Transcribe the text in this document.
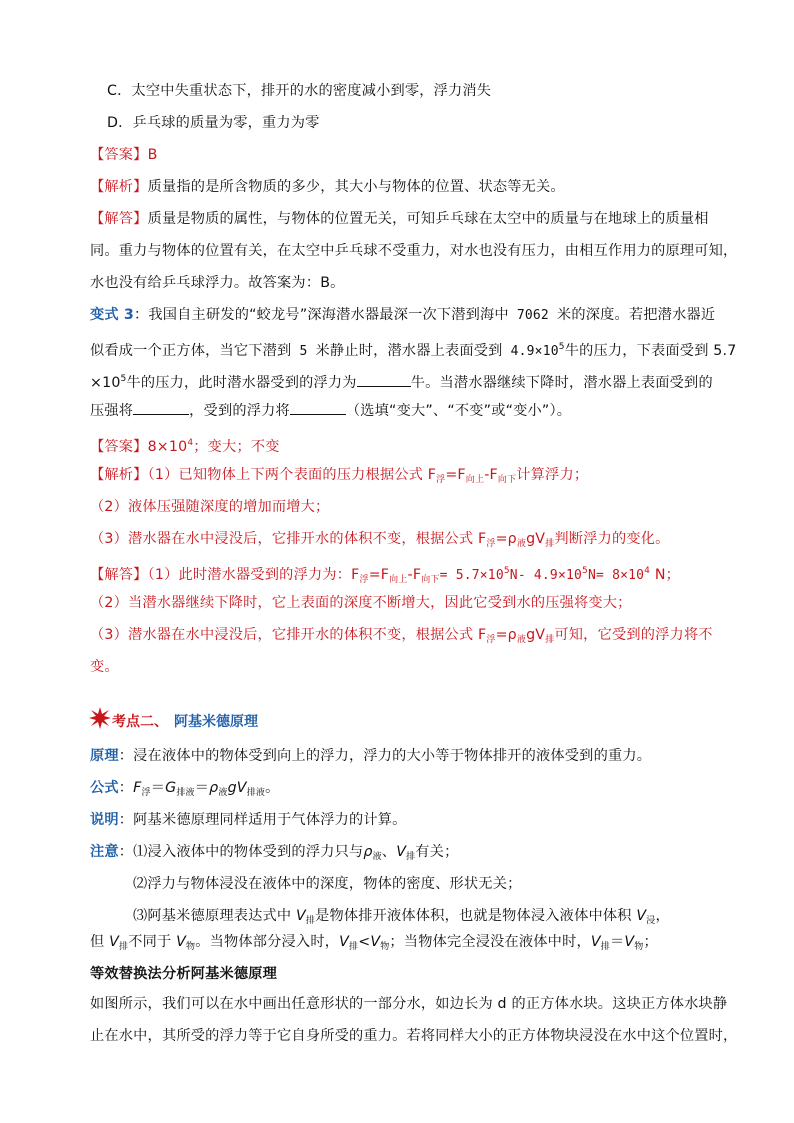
C．太空中失重状态下，排开的水的密度减小到零，浮力消失
D．乒乓球的质量为零，重力为零
【答案】B
【解析】质量指的是所含物质的多少，其大小与物体的位置、状态等无关。
【解答】质量是物质的属性，与物体的位置无关，可知乒乓球在太空中的质量与在地球上的质量相
同。重力与物体的位置有关，在太空中乒乓球不受重力，对水也没有压力，由相互作用力的原理可知，
水也没有给乒乓球浮力。故答案为：B。
变式 3：我国自主研发的“蛟龙号”深海潜水器最深一次下潜到海中 7062 米的深度。若把潜水器近
似看成一个正方体，当它下潜到 5 米静止时，潜水器上表面受到 $4.9\times 10^5$牛的压力，下表面受到 5.7
$\times 10^5$牛的压力，此时潜水器受到的浮力为	牛。当潜水器继续下降时，潜水器上表面受到的
压强将	，受到的浮力将	（选填“变大”、“不变”或“变小”）。
【答案】$8\times 10^4$；变大；不变
【解析】（1）已知物体上下两个表面的压力根据公式 $F_浮=F_{向上}-F_{向下}$计算浮力；
（2）液体压强随深度的增加而增大；
（3）潜水器在水中浸没后，它排开水的体积不变，根据公式 $F_浮=\rho_液gV_排$判断浮力的变化。
【解答】（1）此时潜水器受到的浮力为：$F_浮=F_{向上}-F_{向下}= 5.7\times 10^5N-$ $4.9\times 10^5N= 8\times 10^4$ N；
（2）当潜水器继续下降时，它上表面的深度不断增大，因此它受到水的压强将变大；
（3）潜水器在水中浸没后，它排开水的体积不变，根据公式 $F_浮=\rho_液gV_排$可知，它受到的浮力将不
变。
考点二、 阿基米德原理
原理：浸在液体中的物体受到向上的浮力，浮力的大小等于物体排开的液体受到的重力。
公式：$F_浮=G_{排液}=\rho_液gV_{排液}$。
说明：阿基米德原理同样适用于气体浮力的计算。
注意：⑴浸入液体中的物体受到的浮力只与$\rho_液$、$V_排$有关；
⑵浮力与物体浸没在液体中的深度，物体的密度、形状无关；
⑶阿基米德原理表达式中 $V_排$是物体排开液体体积，也就是物体浸入液体中体积 $V_浸$，
但 $V_排$不同于 $V_物$。当物体部分浸入时，$V_排<V_物$；当物体完全浸没在液体中时，$V_排=V_物$；
等效替换法分析阿基米德原理
如图所示，我们可以在水中画出任意形状的一部分水，如边长为 d 的正方体水块。这块正方体水块静
止在水中，其所受的浮力等于它自身所受的重力。若将同样大小的正方体物块浸没在水中这个位置时，
